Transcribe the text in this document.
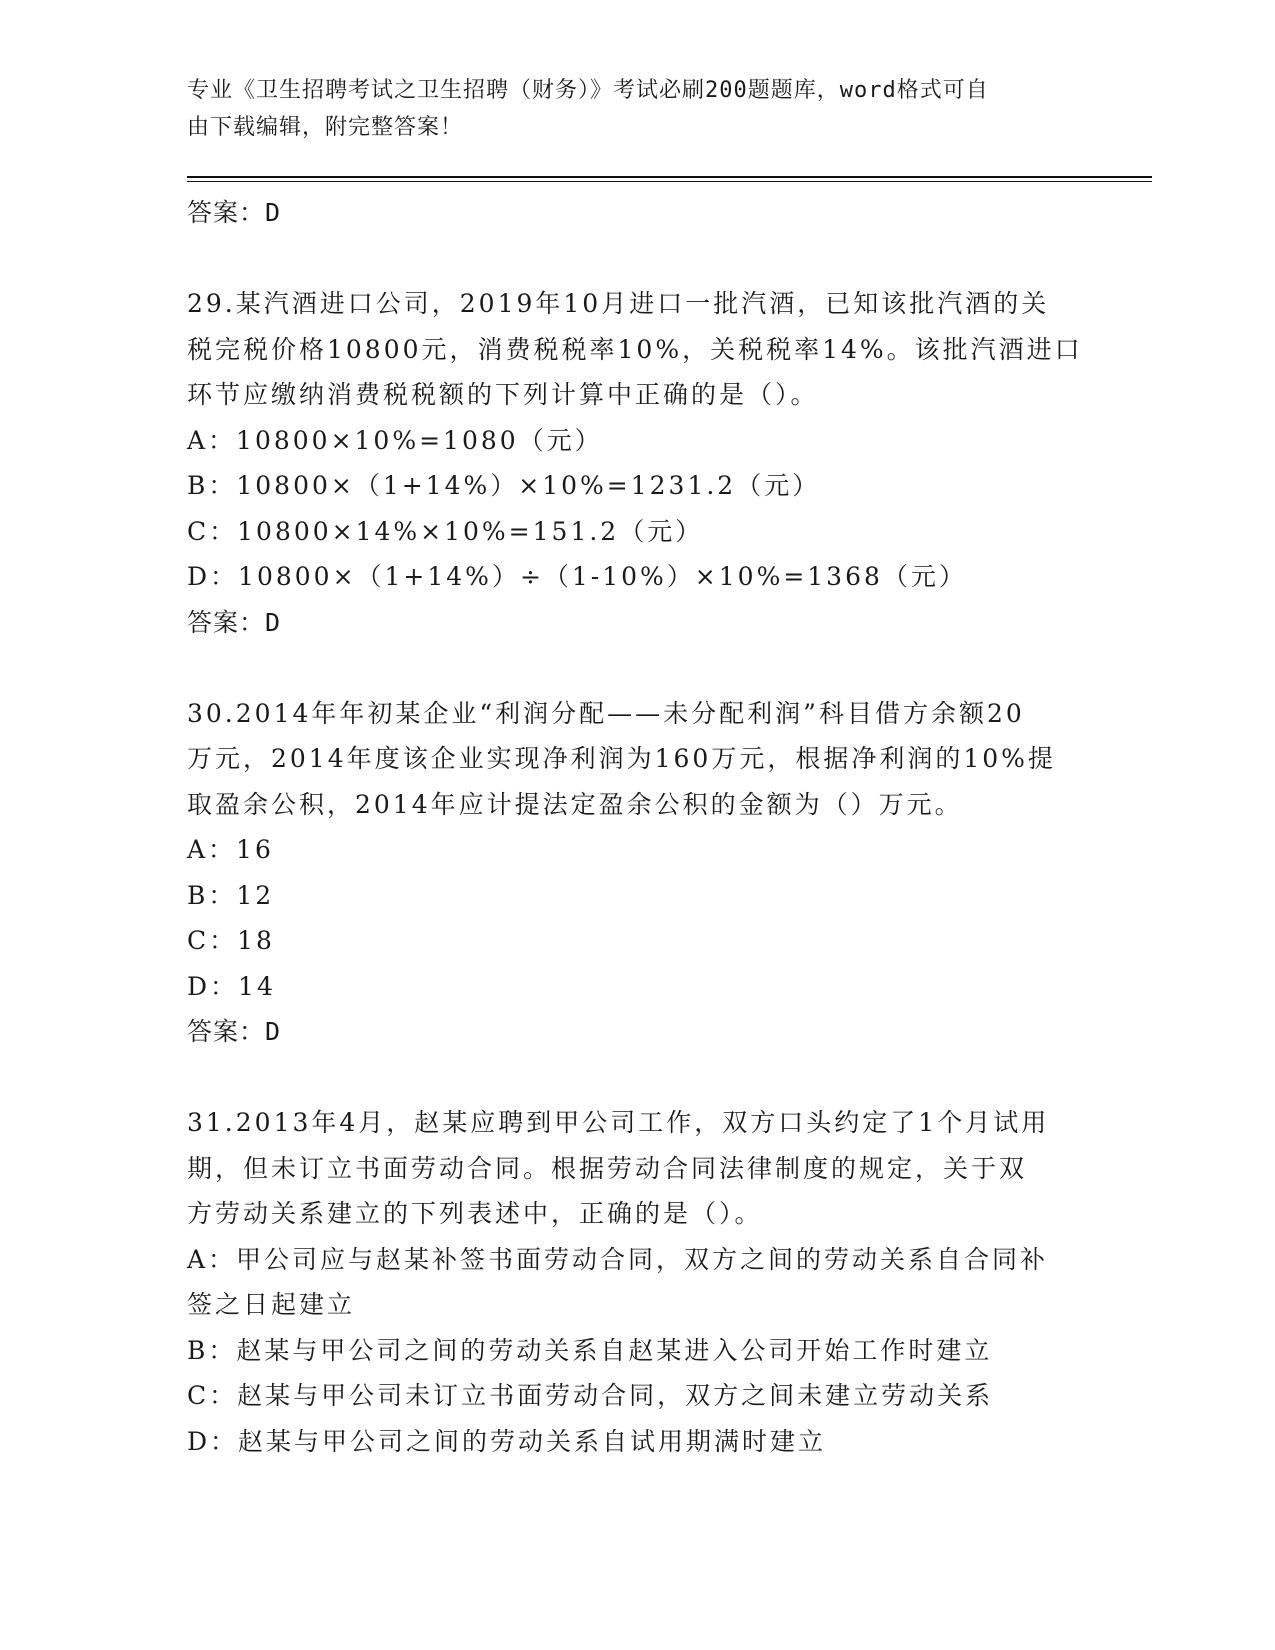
专业《卫生招聘考试之卫生招聘（财务）》考试必刷200题题库，word格式可自
由下载编辑，附完整答案！
答案：D
29.某汽酒进口公司，2019年10月进口一批汽酒，已知该批汽酒的关
税完税价格10800元，消费税税率10%，关税税率14%。该批汽酒进口
环节应缴纳消费税税额的下列计算中正确的是（）。
A：10800×10%=1080（元）
B：10800×（1+14%）×10%=1231.2（元）
C：10800×14%×10%=151.2（元）
D：10800×（1+14%）÷（1-10%）×10%=1368（元）
答案：D
30.2014年年初某企业“利润分配——未分配利润”科目借方余额20
万元，2014年度该企业实现净利润为160万元，根据净利润的10%提
取盈余公积，2014年应计提法定盈余公积的金额为（）万元。
A：16
B：12
C：18
D：14
答案：D
31.2013年4月，赵某应聘到甲公司工作，双方口头约定了1个月试用
期，但未订立书面劳动合同。根据劳动合同法律制度的规定，关于双
方劳动关系建立的下列表述中，正确的是（）。
A：甲公司应与赵某补签书面劳动合同，双方之间的劳动关系自合同补
签之日起建立
B：赵某与甲公司之间的劳动关系自赵某进入公司开始工作时建立
C：赵某与甲公司未订立书面劳动合同，双方之间未建立劳动关系
D：赵某与甲公司之间的劳动关系自试用期满时建立
